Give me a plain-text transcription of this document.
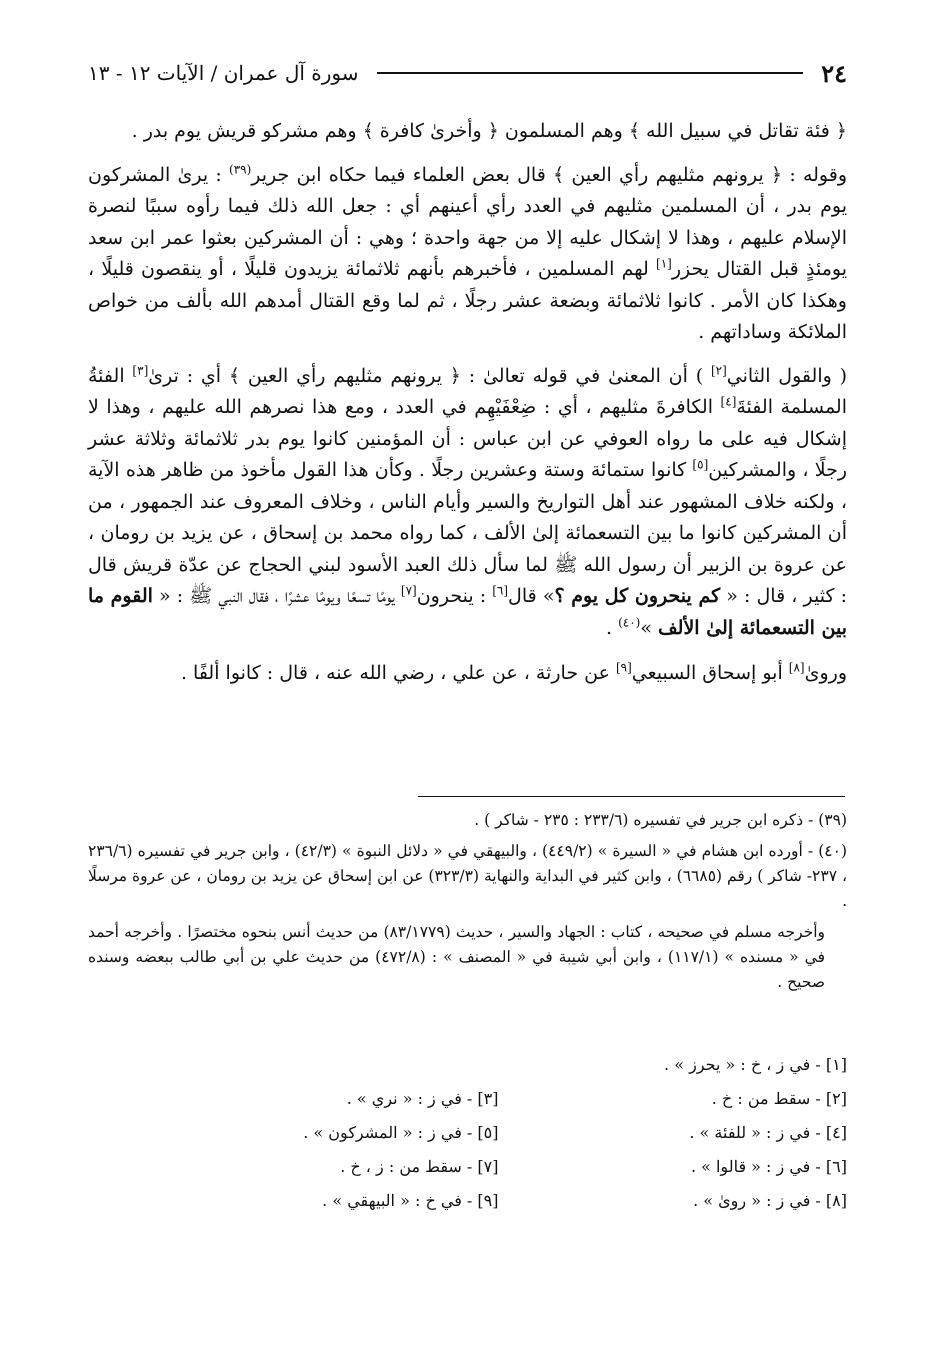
٢٤
سورة آل عمران / الآيات ١٢ - ١٣

﴿ فئة تقاتل في سبيل الله ﴾ وهم المسلمون ﴿ وأخرىٰ كافرة ﴾ وهم مشركو قريش يوم بدر .

وقوله : ﴿ يرونهم مثليهم رأي العين ﴾ قال بعض العلماء فيما حكاه ابن جرير$^{(٣٩)}$ : يرىٰ المشركون يوم بدر ، أن المسلمين مثليهم في العدد رأي أعينهم أي : جعل الله ذلك فيما رأوه سببًا لنصرة الإسلام عليهم ، وهذا لا إشكال عليه إلا من جهة واحدة ؛ وهي : أن المشركين بعثوا عمر ابن سعد يومئذٍ قبل القتال يحزر[١] لهم المسلمين ، فأخبرهم بأنهم ثلاثمائة يزيدون قليلًا ، أو ينقصون قليلًا ، وهكذا كان الأمر . كانوا ثلاثمائة وبضعة عشر رجلًا ، ثم لما وقع القتال أمدهم الله بألف من خواص الملائكة وساداتهم .

( والقول الثاني[٢] ) أن المعنىٰ في قوله تعالىٰ : ﴿ يرونهم مثليهم رأي العين ﴾ أي : ترىٰ[٣] الفئةُ المسلمة الفئةَ[٤] الكافرةَ مثليهم ، أي : ضِعْفَيْهِم في العدد ، ومع هذا نصرهم الله عليهم ، وهذا لا إشكال فيه على ما رواه العوفي عن ابن عباس : أن المؤمنين كانوا يوم بدر ثلاثمائة وثلاثة عشر رجلًا ، والمشركين[٥] كانوا ستمائة وستة وعشرين رجلًا . وكأن هذا القول مأخوذ من ظاهر هذه الآية ، ولكنه خلاف المشهور عند أهل التواريخ والسير وأيام الناس ، وخلاف المعروف عند الجمهور ، من أن المشركين كانوا ما بين التسعمائة إلىٰ الألف ، كما رواه محمد بن إسحاق ، عن يزيد بن رومان ، عن عروة بن الزبير أن رسول الله ﷺ لما سأل ذلك العبد الأسود لبني الحجاج عن عدّة قريش قال : كثير ، قال : « كم ينحرون كل يوم ؟» قال[٦] : ينحرون[٧] يومًا تسعًا ويومًا عشرًا ، فقال النبي ﷺ : « القوم ما بين التسعمائة إلىٰ الألف »$^{(٤٠)}$ .

وروىٰ[٨] أبو إسحاق السبيعي[٩] عن حارثة ، عن علي ، رضي الله عنه ، قال : كانوا ألفًا .

(٣٩) - ذكره ابن جرير في تفسيره (٢٣٣/٦ : ٢٣٥ - شاكر ) .

(٤٠) - أورده ابن هشام في « السيرة » (٤٤٩/٢) ، والبيهقي في « دلائل النبوة » (٤٢/٣) ، وابن جرير في تفسيره (٢٣٦/٦ ، ٢٣٧- شاكر ) رقم (٦٦٨٥) ، وابن كثير في البداية والنهاية (٣٢٣/٣) عن ابن إسحاق عن يزيد بن رومان ، عن عروة مرسلًا .

وأخرجه مسلم في صحيحه ، كتاب : الجهاد والسير ، حديث (٨٣/١٧٧٩) من حديث أنس بنحوه مختصرًا . وأخرجه أحمد في « مسنده » (١١٧/١) ، وابن أبي شيبة في « المصنف » : (٤٧٢/٨) من حديث علي بن أبي طالب ببعضه وسنده صحيح .

[١] - في ز ، خ : « يحرز » .
[٢] - سقط من : خ .
[٣] - في ز : « نري » .
[٤] - في ز : « للفئة » .
[٥] - في ز : « المشركون » .
[٦] - في ز : « قالوا » .
[٧] - سقط من : ز ، خ .
[٨] - في ز : « روىٰ » .
[٩] - في خ : « البيهقي » .
